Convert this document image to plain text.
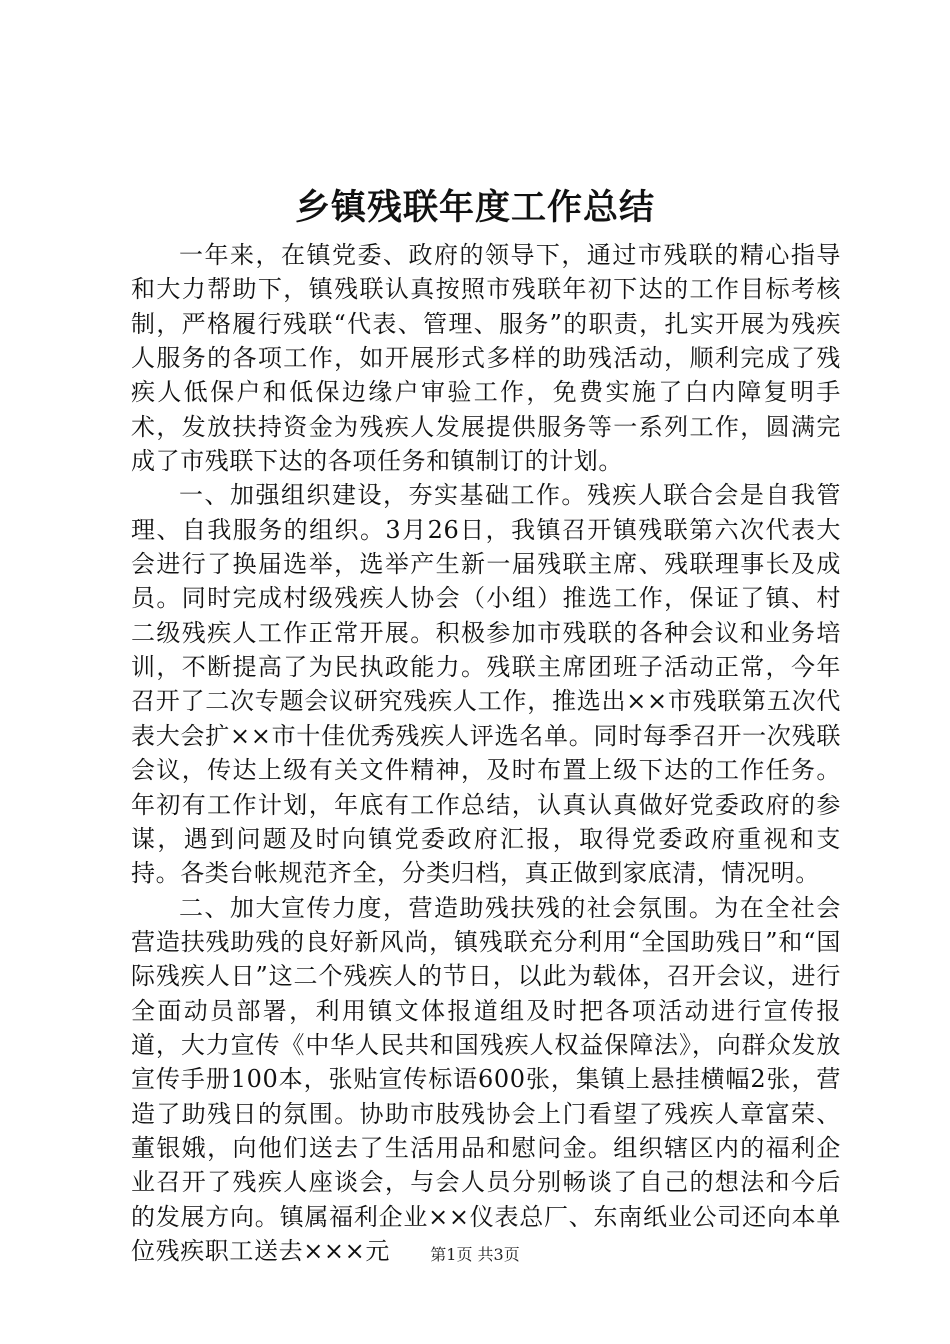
乡镇残联年度工作总结

一年来，在镇党委、政府的领导下，通过市残联的精心指导和大力帮助下，镇残联认真按照市残联年初下达的工作目标考核制，严格履行残联“代表、管理、服务”的职责，扎实开展为残疾人服务的各项工作，如开展形式多样的助残活动，顺利完成了残疾人低保户和低保边缘户审验工作，免费实施了白内障复明手术，发放扶持资金为残疾人发展提供服务等一系列工作，圆满完成了市残联下达的各项任务和镇制订的计划。

一、加强组织建设，夯实基础工作。残疾人联合会是自我管理、自我服务的组织。3月26日，我镇召开镇残联第六次代表大会进行了换届选举，选举产生新一届残联主席、残联理事长及成员。同时完成村级残疾人协会（小组）推选工作，保证了镇、村二级残疾人工作正常开展。积极参加市残联的各种会议和业务培训，不断提高了为民执政能力。残联主席团班子活动正常，今年召开了二次专题会议研究残疾人工作，推选出××市残联第五次代表大会扩××市十佳优秀残疾人评选名单。同时每季召开一次残联会议，传达上级有关文件精神，及时布置上级下达的工作任务。年初有工作计划，年底有工作总结，认真认真做好党委政府的参谋，遇到问题及时向镇党委政府汇报，取得党委政府重视和支持。各类台帐规范齐全，分类归档，真正做到家底清，情况明。

二、加大宣传力度，营造助残扶残的社会氛围。为在全社会营造扶残助残的良好新风尚，镇残联充分利用“全国助残日”和“国际残疾人日”这二个残疾人的节日，以此为载体，召开会议，进行全面动员部署，利用镇文体报道组及时把各项活动进行宣传报道，大力宣传《中华人民共和国残疾人权益保障法》，向群众发放宣传手册100本，张贴宣传标语600张，集镇上悬挂横幅2张，营造了助残日的氛围。协助市肢残协会上门看望了残疾人章富荣、董银娥，向他们送去了生活用品和慰问金。组织辖区内的福利企业召开了残疾人座谈会，与会人员分别畅谈了自己的想法和今后的发展方向。镇属福利企业××仪表总厂、东南纸业公司还向本单位残疾职工送去×××元	第1页 共3页
